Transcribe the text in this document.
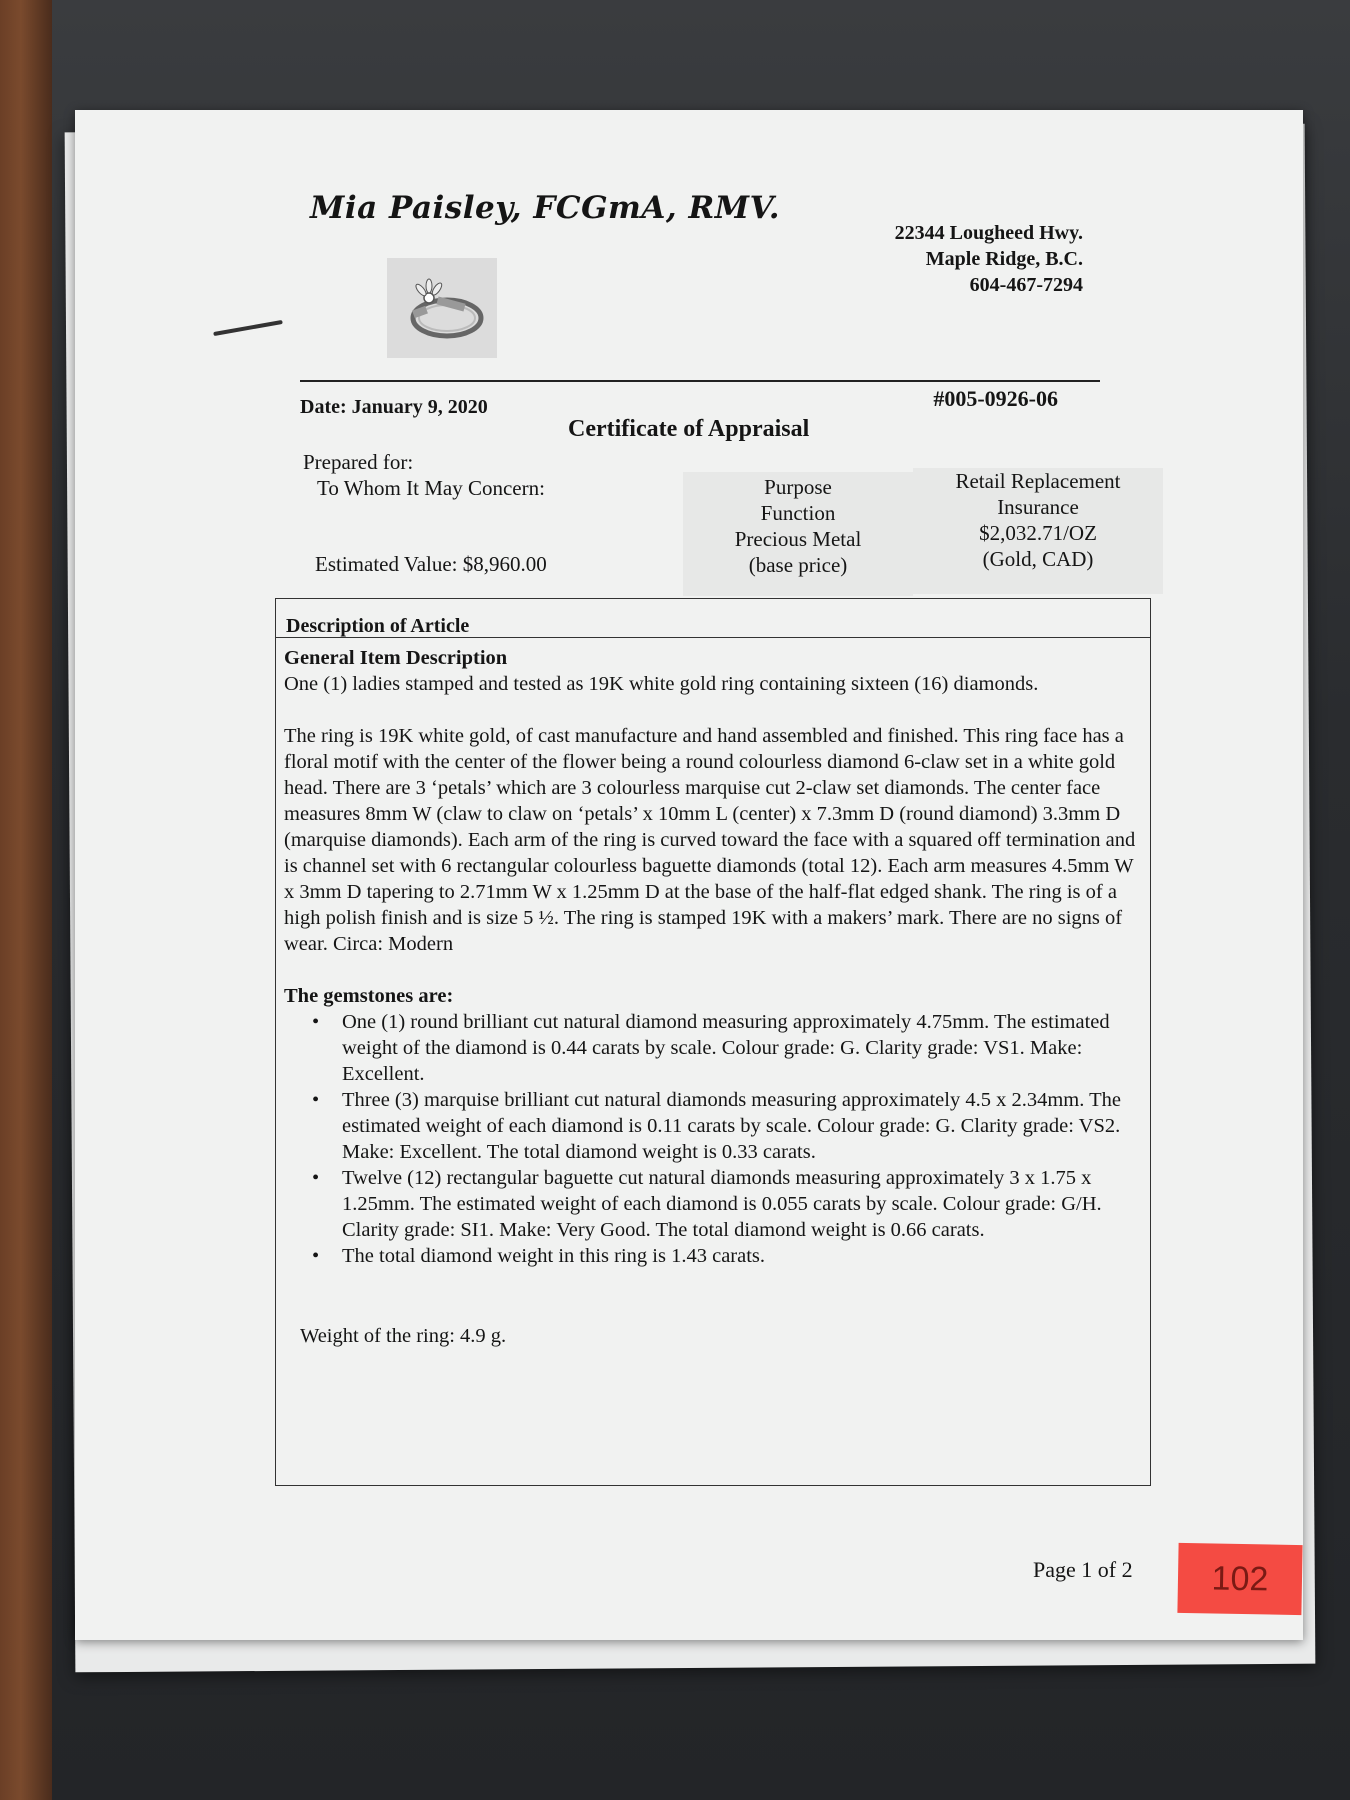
Mia Paisley, FCGmA, RMV.
22344 Lougheed Hwy.
Maple Ridge, B.C.
604-467-7294
#005-0926-06
Date: January 9, 2020
Certificate of Appraisal
Prepared for:
To Whom It May Concern:
Estimated Value: $8,960.00
Purpose
Function
Precious Metal
(base price)
Retail Replacement
Insurance
$2,032.71/OZ
(Gold, CAD)
Description of Article
General Item Description

One (1) ladies stamped and tested as 19K white gold ring containing sixteen (16) diamonds.

The ring is 19K white gold, of cast manufacture and hand assembled and finished. This ring face has a floral motif with the center of the flower being a round colourless diamond 6-claw set in a white gold head. There are 3 ‘petals’ which are 3 colourless marquise cut 2-claw set diamonds. The center face measures 8mm W (claw to claw on ‘petals’ x 10mm L (center) x 7.3mm D (round diamond) 3.3mm D (marquise diamonds). Each arm of the ring is curved toward the face with a squared off termination and is channel set with 6 rectangular colourless baguette diamonds (total 12). Each arm measures 4.5mm W x 3mm D tapering to 2.71mm W x 1.25mm D at the base of the half-flat edged shank. The ring is of a high polish finish and is size 5 ½. The ring is stamped 19K with a makers’ mark. There are no signs of wear. Circa: Modern

The gemstones are:
• One (1) round brilliant cut natural diamond measuring approximately 4.75mm. The estimated weight of the diamond is 0.44 carats by scale. Colour grade: G. Clarity grade: VS1. Make: Excellent.
• Three (3) marquise brilliant cut natural diamonds measuring approximately 4.5 x 2.34mm. The estimated weight of each diamond is 0.11 carats by scale. Colour grade: G. Clarity grade: VS2. Make: Excellent. The total diamond weight is 0.33 carats.
• Twelve (12) rectangular baguette cut natural diamonds measuring approximately 3 x 1.75 x 1.25mm. The estimated weight of each diamond is 0.055 carats by scale. Colour grade: G/H. Clarity grade: SI1. Make: Very Good. The total diamond weight is 0.66 carats.
• The total diamond weight in this ring is 1.43 carats.
Weight of the ring: 4.9 g.
Page 1 of 2	102
